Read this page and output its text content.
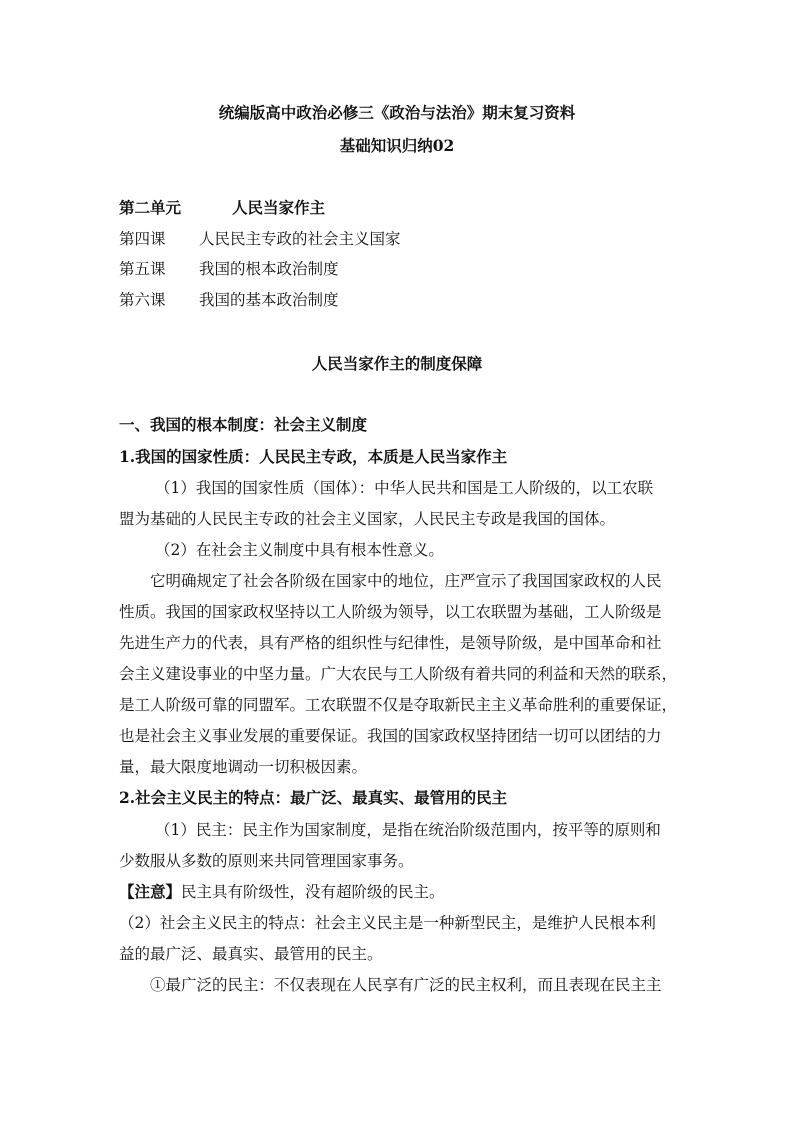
统编版高中政治必修三《政治与法治》期末复习资料
基础知识归纳02
第二单元	人民当家作主
第四课 人民民主专政的社会主义国家
第五课 我国的根本政治制度
第六课 我国的基本政治制度
人民当家作主的制度保障
一、我国的根本制度：社会主义制度
1.我国的国家性质：人民民主专政，本质是人民当家作主
（1）我国的国家性质（国体）：中华人民共和国是工人阶级的，以工农联
盟为基础的人民民主专政的社会主义国家，人民民主专政是我国的国体。
（2）在社会主义制度中具有根本性意义。
它明确规定了社会各阶级在国家中的地位，庄严宣示了我国国家政权的人民
性质。我国的国家政权坚持以工人阶级为领导，以工农联盟为基础，工人阶级是
先进生产力的代表，具有严格的组织性与纪律性，是领导阶级，是中国革命和社
会主义建设事业的中坚力量。广大农民与工人阶级有着共同的利益和天然的联系，
是工人阶级可靠的同盟军。工农联盟不仅是夺取新民主主义革命胜利的重要保证，
也是社会主义事业发展的重要保证。我国的国家政权坚持团结一切可以团结的力
量，最大限度地调动一切积极因素。
2.社会主义民主的特点：最广泛、最真实、最管用的民主
（1）民主：民主作为国家制度，是指在统治阶级范围内，按平等的原则和
少数服从多数的原则来共同管理国家事务。
【注意】民主具有阶级性，没有超阶级的民主。
（2）社会主义民主的特点：社会主义民主是一种新型民主，是维护人民根本利
益的最广泛、最真实、最管用的民主。
①最广泛的民主：不仅表现在人民享有广泛的民主权利，而且表现在民主主
